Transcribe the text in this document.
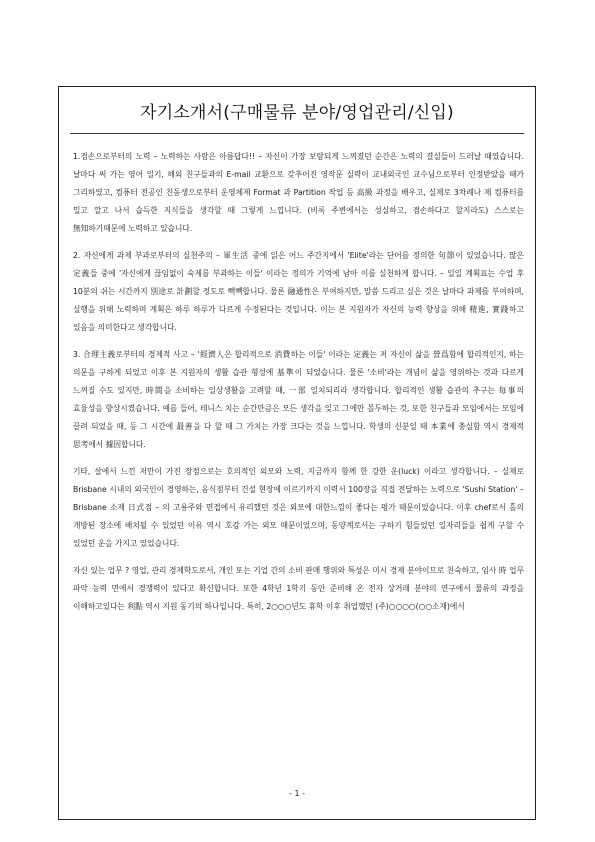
자기소개서(구매물류 분야/영업관리/신입)

1.겸손으로부터의 노력 – 노력하는 사람은 아름답다!! – 자신이 가장 보람되게 느껴졌던 순간은 노력의 결실들이 드러날 때였습니다. 날마다 써 가는 영어 일기, 해외 친구들과의 E-mail 교환으로 갖추어진 영작문 실력이 교내외국인 교수님으로부터 인정받았을 때가 그리하였고, 컴퓨터 전공인 친동생으로부터 운영체제 Format 과 Partition 작업 등 高級 과정을 배우고, 실제로 3차례나 제 컴퓨터를 밀고 깔고 나서 습득한 지식들을 생각할 때 그렇게 느낍니다. (비록 주변에서는 성실하고, 겸손하다고 할지라도) 스스로는 無知하기때문에 노력하고 있습니다.

2. 자신에게 과제 부과로부터의 실천주의 – 軍生活 중에 읽은 어느 주간지에서 'Elite'라는 단어를 정의한 句節이 있었습니다. 많은 定義들 중에 '자신에게 끊임없이 숙제를 부과하는 이들' 이라는 정의가 기억에 남아 이를 실천하게 합니다. – 일일 계획표는 수업 후 10분의 쉬는 시간까지 別途로 計劃할 정도로 빽빽합니다. 물론 融通性은 부여하지만, 말씀 드리고 싶은 것은 날마다 과제를 부여하며, 실행을 위해 노력하며 계획은 하루 하루가 다르게 수정된다는 것입니다. 이는 본 지원자가 자신의 능력 향상을 위해 精進, 實踐하고 있음을 의미한다고 생각합니다.

3. 合理主義로부터의 경제적 사고 – '經濟人은 합리적으로 消費하는 이들' 이라는 定義는 저 자신이 삶을 營爲함에 합리적인지, 하는 의문을 구하게 되었고 이후 본 지원자의 생활 습관 형성에 基準이 되었습니다. 물론 '소비'라는 개념이 삶을 영위하는 것과 다르게 느껴질 수도 있지만, 時間을 소비하는 일상생활을 고려할 때, 一部 일치되리라 생각합니다. 합리적인 생활 습관의 추구는 每事의 효율성을 향상시켰습니다. 예를 들어, 테니스 치는 순간만큼은 모든 생각을 잊고 그에만 몰두하는 것, 또한 친구들과 모임에서는 모임에 끌려 되었을 때, 등 그 시간에 最善을 다 할 때 그 가치는 가장 크다는 것을 느낍니다. 학생의 신분일 때 本業에 충실함 역시 경제적 思考에서 據因합니다.

기타, 살에서 느낀 저만이 가진 장점으로는 호의적인 외모와 노력, 지금까지 함께 한 강한 운(luck) 이라고 생각합니다. – 실제로 Brisbane 시내의 외국인이 경영하는, 음식점부터 건설 현장에 이르기까지 이력서 100장을 직접 전달하는 노력으로 'Sushi Station' – Brisbane 소재 日式점 – 의 고용주와 면접에서 유리했던 것은 외모에 대한느낌이 좋다는 평가 때문이었습니다. 이후 chef로서 홀의 개방된 장소에 배치될 수 있었던 이유 역시 호감 가는 외모 때문이었으며, 동양계로서는 구하기 힘들었던 일자리들을 쉽게 구할 수 있었던 운을 가지고 있었습니다.

자신 있는 업무 ? 영업, 관리 경제학도로서, 개인 또는 기업 간의 소비 판매 행위와 특성은 미시 경제 분야이므로 친숙하고, 임사 時 업무 파악 능력 면에서 경쟁력이 있다고 확신합니다. 또한 4학년 1학기 동안 준비해 온 전자 상거래 분야의 연구에서 물류의 과정을 이해하고있다는 利點 역시 지원 동기의 하나입니다. 특히, 2○○○년도 휴학 이후 취업했던 (주)○○○○(○○소재)에서

- 1 -
